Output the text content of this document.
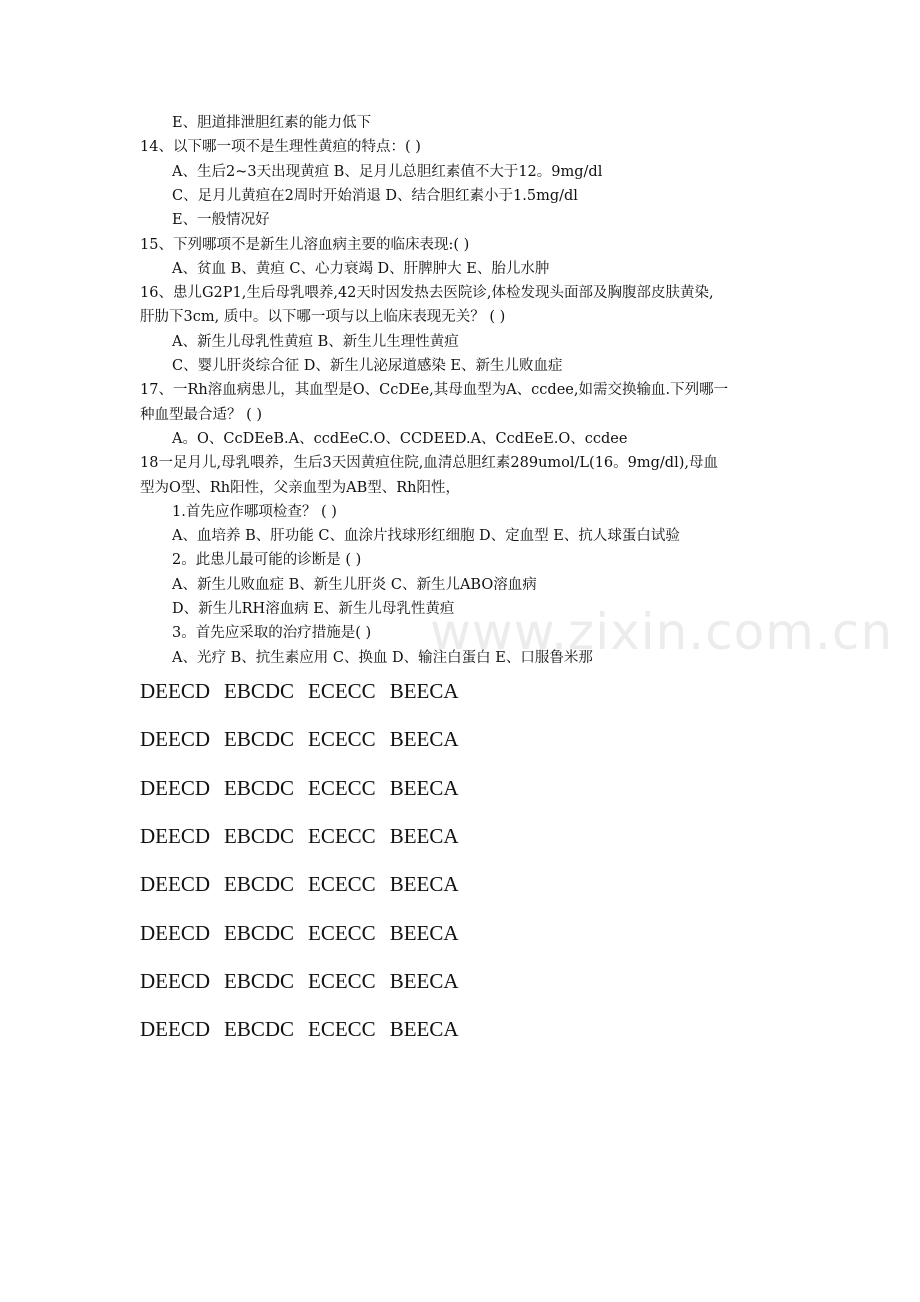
E、胆道排泄胆红素的能力低下
14、以下哪一项不是生理性黄疸的特点：( )
A、生后2~3天出现黄疸 B、足月儿总胆红素值不大于12。9mg/dl
C、足月儿黄疸在2周时开始消退 D、结合胆红素小于1.5mg/dl
E、一般情况好
15、下列哪项不是新生儿溶血病主要的临床表现:( )
A、贫血 B、黄疸 C、心力衰竭 D、肝脾肿大 E、胎儿水肿
16、患儿G2P1,生后母乳喂养,42天时因发热去医院诊,体检发现头面部及胸腹部皮肤黄染,
肝肋下3cm, 质中。以下哪一项与以上临床表现无关？ ( )
A、新生儿母乳性黄疸 B、新生儿生理性黄疸
C、婴儿肝炎综合征 D、新生儿泌尿道感染 E、新生儿败血症
17、一Rh溶血病患儿，其血型是O、CcDEe,其母血型为A、ccdee,如需交换输血.下列哪一
种血型最合适？ ( )
A。O、CcDEeB.A、ccdEeC.O、CCDEED.A、CcdEeE.O、ccdee
18一足月儿,母乳喂养，生后3天因黄疸住院,血清总胆红素289umol/L(16。9mg/dl),母血
型为O型、Rh阳性，父亲血型为AB型、Rh阳性，
1.首先应作哪项检查？ ( )
A、血培养 B、肝功能 C、血涂片找球形红细胞 D、定血型 E、抗人球蛋白试验
2。此患儿最可能的诊断是 ( )
A、新生儿败血症 B、新生儿肝炎 C、新生儿ABO溶血病
D、新生儿RH溶血病 E、新生儿母乳性黄疸
3。首先应采取的治疗措施是( )
A、光疗 B、抗生素应用 C、换血 D、输注白蛋白 E、口服鲁米那
DEECD EBCDC ECECC BEECA
DEECD EBCDC ECECC BEECA
DEECD EBCDC ECECC BEECA
DEECD EBCDC ECECC BEECA
DEECD EBCDC ECECC BEECA
DEECD EBCDC ECECC BEECA
DEECD EBCDC ECECC BEECA
DEECD EBCDC ECECC BEECA
www.zixin.com.cn
